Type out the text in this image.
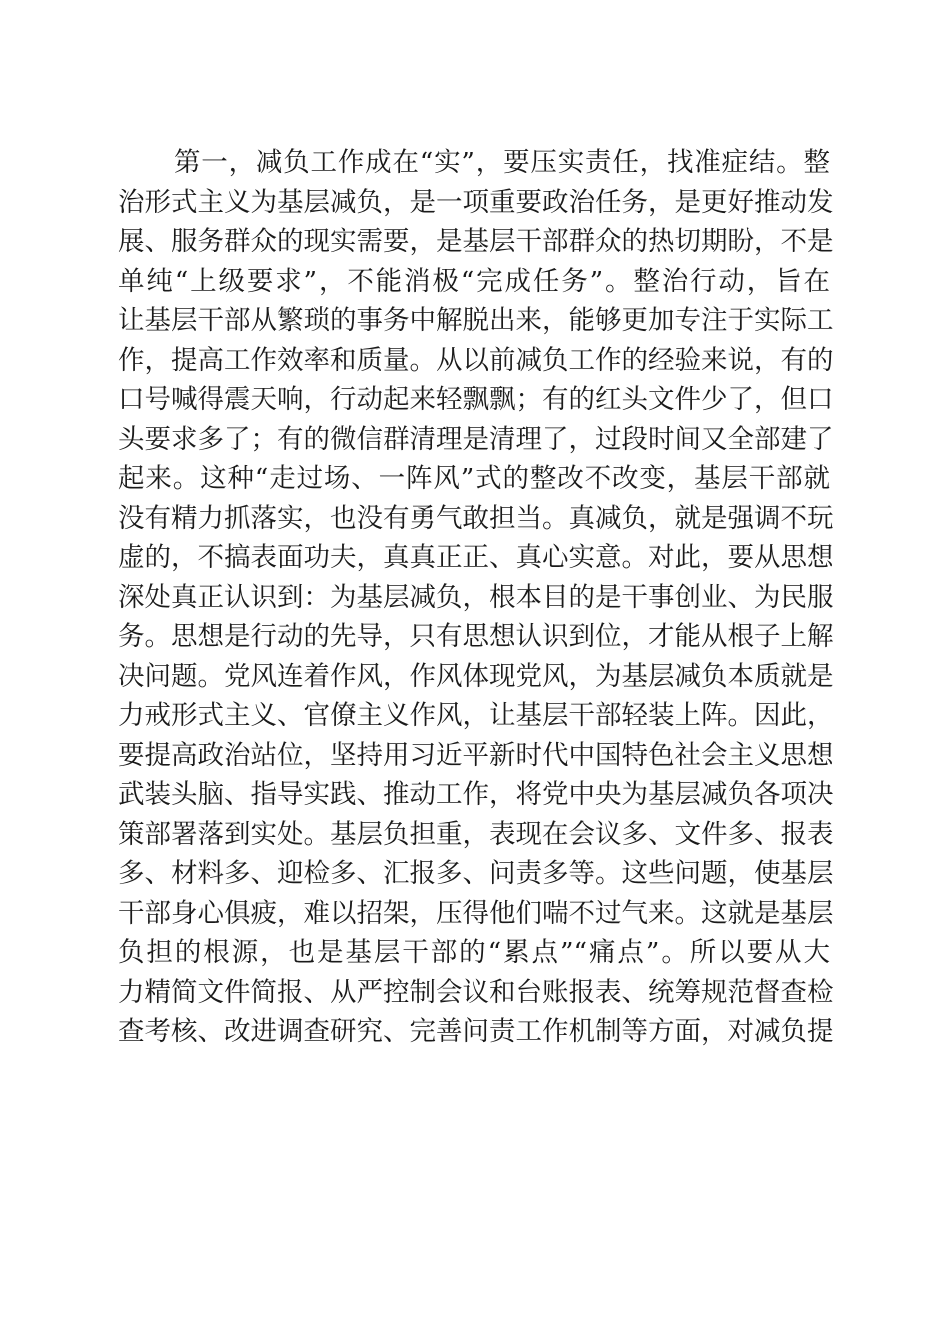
第一，减负工作成在“实”，要压实责任，找准症结。整
治形式主义为基层减负，是一项重要政治任务，是更好推动发
展、服务群众的现实需要，是基层干部群众的热切期盼，不是
单纯“上级要求”，不能消极“完成任务”。整治行动，旨在
让基层干部从繁琐的事务中解脱出来，能够更加专注于实际工
作，提高工作效率和质量。从以前减负工作的经验来说，有的
口号喊得震天响，行动起来轻飘飘；有的红头文件少了，但口
头要求多了；有的微信群清理是清理了，过段时间又全部建了
起来。这种“走过场、一阵风”式的整改不改变，基层干部就
没有精力抓落实，也没有勇气敢担当。真减负，就是强调不玩
虚的，不搞表面功夫，真真正正、真心实意。对此，要从思想
深处真正认识到：为基层减负，根本目的是干事创业、为民服
务。思想是行动的先导，只有思想认识到位，才能从根子上解
决问题。党风连着作风，作风体现党风，为基层减负本质就是
力戒形式主义、官僚主义作风，让基层干部轻装上阵。因此，
要提高政治站位，坚持用习近平新时代中国特色社会主义思想
武装头脑、指导实践、推动工作，将党中央为基层减负各项决
策部署落到实处。基层负担重，表现在会议多、文件多、报表
多、材料多、迎检多、汇报多、问责多等。这些问题，使基层
干部身心俱疲，难以招架，压得他们喘不过气来。这就是基层
负担的根源，也是基层干部的“累点”“痛点”。所以要从大
力精简文件简报、从严控制会议和台账报表、统筹规范督查检
查考核、改进调查研究、完善问责工作机制等方面，对减负提
